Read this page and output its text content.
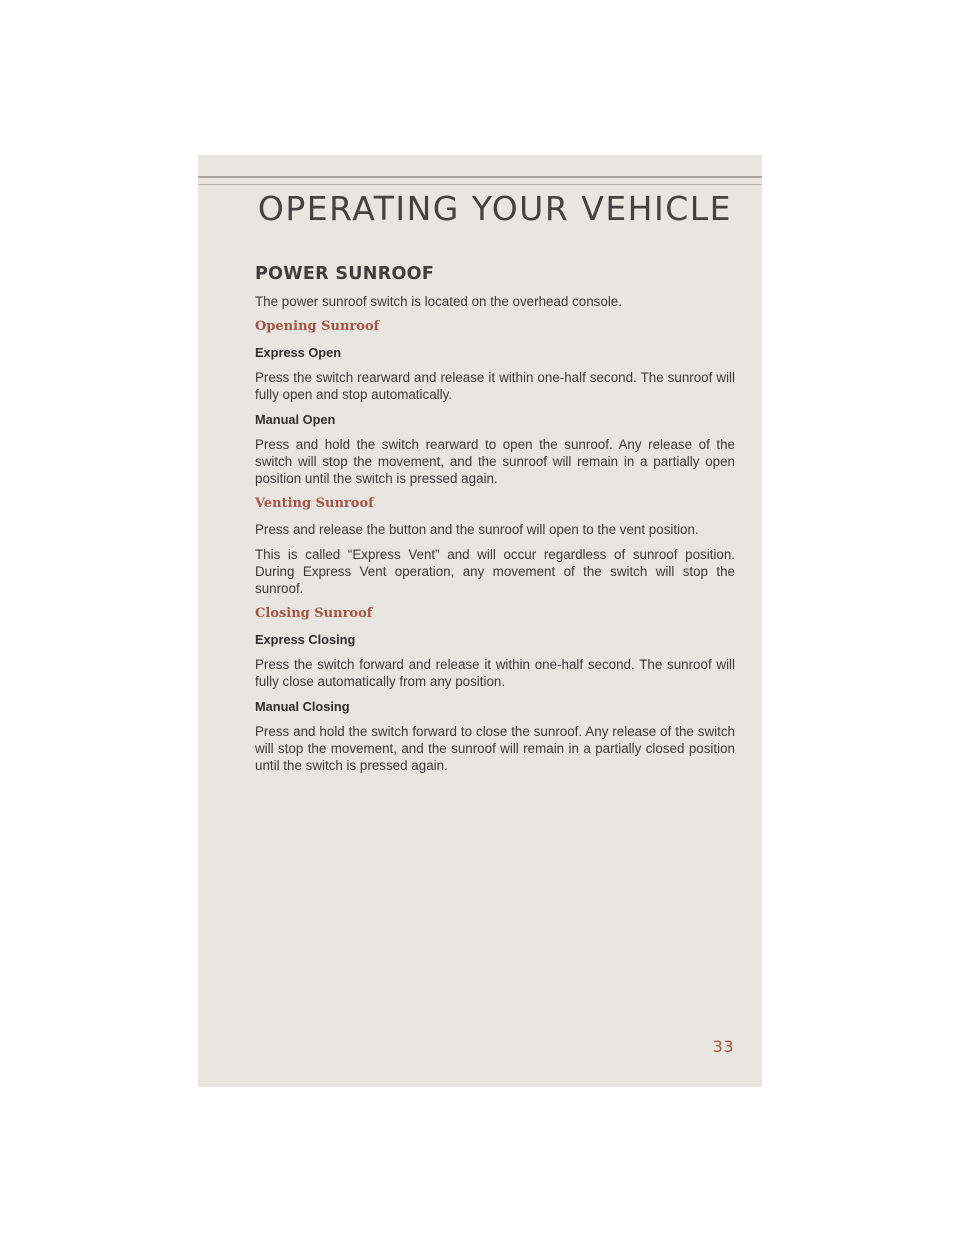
OPERATING YOUR VEHICLE
POWER SUNROOF

The power sunroof switch is located on the overhead console.

Opening Sunroof
Express Open

Press the switch rearward and release it within one-half second. The sunroof will fully open and stop automatically.

Manual Open

Press and hold the switch rearward to open the sunroof. Any release of the switch will stop the movement, and the sunroof will remain in a partially open position until the switch is pressed again.

Venting Sunroof

Press and release the button and the sunroof will open to the vent position.

This is called “Express Vent” and will occur regardless of sunroof position. During Express Vent operation, any movement of the switch will stop the sunroof.

Closing Sunroof
Express Closing

Press the switch forward and release it within one-half second. The sunroof will fully close automatically from any position.

Manual Closing

Press and hold the switch forward to close the sunroof. Any release of the switch will stop the movement, and the sunroof will remain in a partially closed position until the switch is pressed again.

33
